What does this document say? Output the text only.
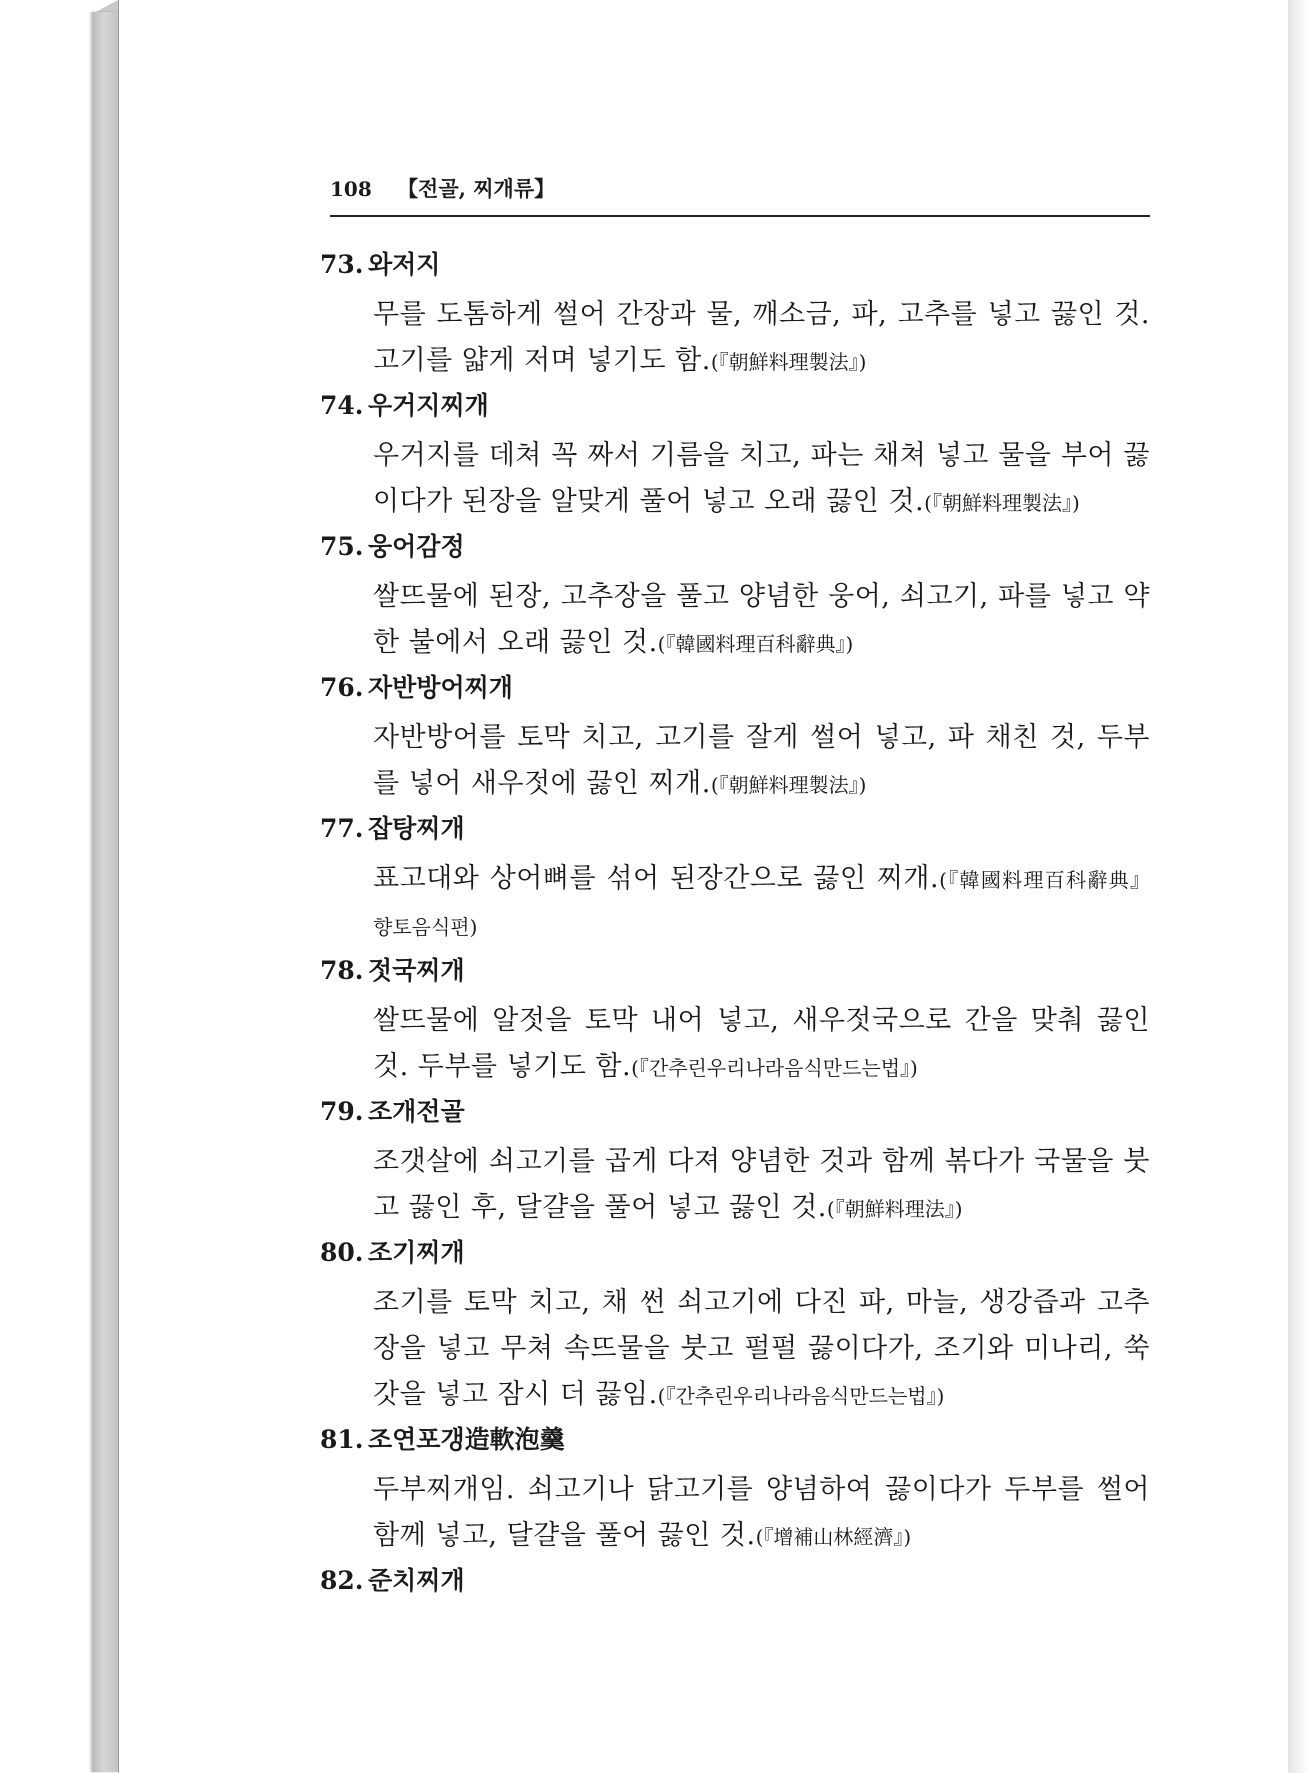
108 【전골, 찌개류】
73. 와저지
무를 도톰하게 썰어 간장과 물, 깨소금, 파, 고추를 넣고 끓인 것. 고기를 얇게 저며 넣기도 함.(『朝鮮料理製法』)
74. 우거지찌개
우거지를 데쳐 꼭 짜서 기름을 치고, 파는 채쳐 넣고 물을 부어 끓이다가 된장을 알맞게 풀어 넣고 오래 끓인 것.(『朝鮮料理製法』)
75. 웅어감정
쌀뜨물에 된장, 고추장을 풀고 양념한 웅어, 쇠고기, 파를 넣고 약한 불에서 오래 끓인 것.(『韓國料理百科辭典』)
76. 자반방어찌개
자반방어를 토막 치고, 고기를 잘게 썰어 넣고, 파 채친 것, 두부를 넣어 새우젓에 끓인 찌개.(『朝鮮料理製法』)
77. 잡탕찌개
표고대와 상어뼈를 섞어 된장간으로 끓인 찌개.(『韓國料理百科辭典』 향토음식편)
78. 젓국찌개
쌀뜨물에 알젓을 토막 내어 넣고, 새우젓국으로 간을 맞춰 끓인 것. 두부를 넣기도 함.(『간추린우리나라음식만드는법』)
79. 조개전골
조갯살에 쇠고기를 곱게 다져 양념한 것과 함께 볶다가 국물을 붓고 끓인 후, 달걀을 풀어 넣고 끓인 것.(『朝鮮料理法』)
80. 조기찌개
조기를 토막 치고, 채 썬 쇠고기에 다진 파, 마늘, 생강즙과 고추장을 넣고 무쳐 속뜨물을 붓고 펄펄 끓이다가, 조기와 미나리, 쑥갓을 넣고 잠시 더 끓임.(『간추린우리나라음식만드는법』)
81. 조연포갱造軟泡羹
두부찌개임. 쇠고기나 닭고기를 양념하여 끓이다가 두부를 썰어 함께 넣고, 달걀을 풀어 끓인 것.(『增補山林經濟』)
82. 준치찌개
